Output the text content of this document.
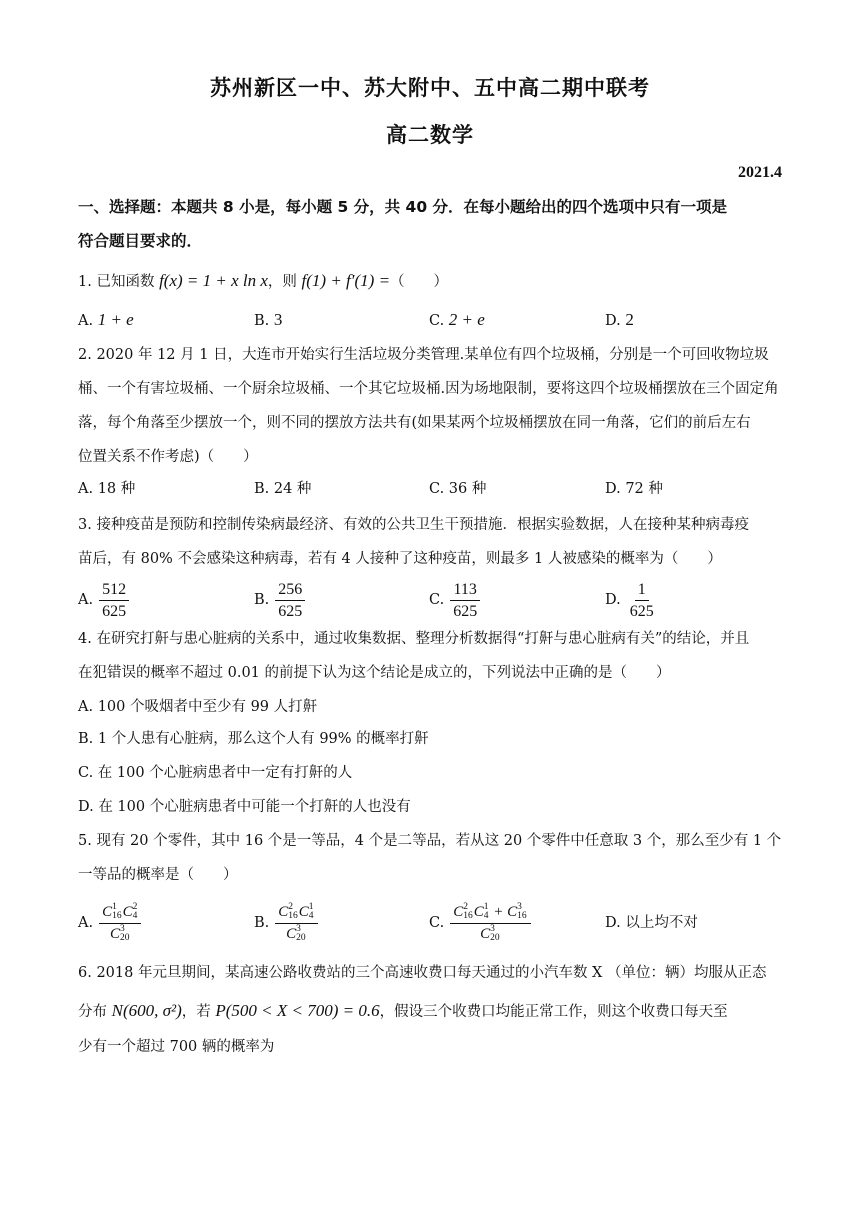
苏州新区一中、苏大附中、五中高二期中联考
高二数学
2021.4
一、选择题：本题共 8 小是，每小题 5 分，共 40 分．在每小题给出的四个选项中只有一项是
符合题目要求的．
1. 已知函数 f(x) = 1 + x ln x，则 f(1) + f′(1) =（　　）
A. 1 + e	B. 3	C. 2 + e	D. 2
2. 2020 年 12 月 1 日，大连市开始实行生活垃圾分类管理.某单位有四个垃圾桶，分别是一个可回收物垃圾
桶、一个有害垃圾桶、一个厨余垃圾桶、一个其它垃圾桶.因为场地限制，要将这四个垃圾桶摆放在三个固定角
落，每个角落至少摆放一个，则不同的摆放方法共有(如果某两个垃圾桶摆放在同一角落，它们的前后左右
位置关系不作考虑)（　　）
A. 18 种	B. 24 种	C. 36 种	D. 72 种
3. 接种疫苗是预防和控制传染病最经济、有效的公共卫生干预措施．根据实验数据，人在接种某种病毒疫
苗后，有 80% 不会感染这种病毒，若有 4 人接种了这种疫苗，则最多 1 人被感染的概率为（　　）
A. $\frac{512}{625}$	B. $\frac{256}{625}$	C. $\frac{113}{625}$	D. $\frac{1}{625}$
4. 在研究打鼾与患心脏病的关系中，通过收集数据、整理分析数据得“打鼾与患心脏病有关”的结论，并且
在犯错误的概率不超过 0.01 的前提下认为这个结论是成立的，下列说法中正确的是（　　）
A. 100 个吸烟者中至少有 99 人打鼾
B. 1 个人患有心脏病，那么这个人有 99% 的概率打鼾
C. 在 100 个心脏病患者中一定有打鼾的人
D. 在 100 个心脏病患者中可能一个打鼾的人也没有
5. 现有 20 个零件，其中 16 个是一等品，4 个是二等品，若从这 20 个零件中任意取 3 个，那么至少有 1 个
一等品的概率是（　　）
A. C 1
16 C 2
4
C 3
20	B. C 2
16 C 1
4
C 3
20	C. C 2
16 C 1
4 + C 3
16
C 3
20	D. 以上均不对
6. 2018 年元旦期间，某高速公路收费站的三个高速收费口每天通过的小汽车数 X （单位：辆）均服从正态
分布 N(600, σ²)，若 P(500 < X < 700) = 0.6，假设三个收费口均能正常工作，则这个收费口每天至
少有一个超过 700 辆的概率为
